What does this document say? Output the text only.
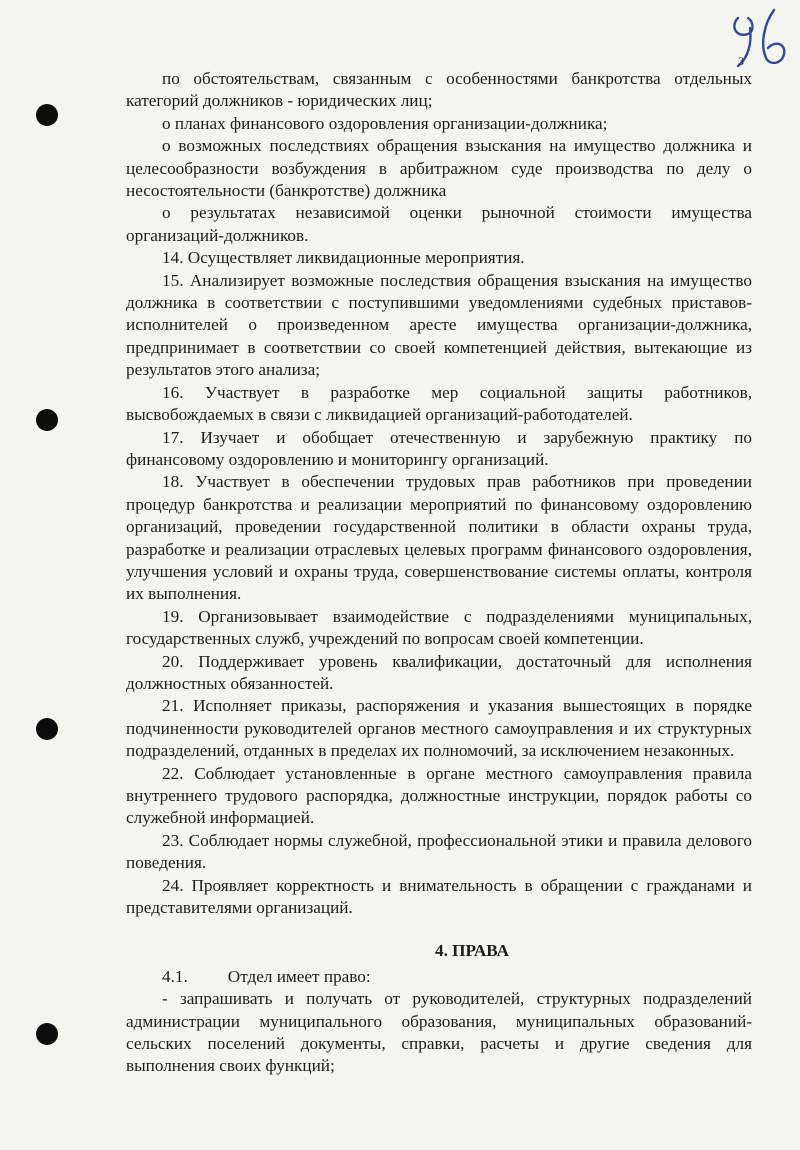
3

по обстоятельствам, связанным с особенностями банкротства отдельных категорий должников - юридических лиц;

о планах финансового оздоровления организации-должника;

о возможных последствиях обращения взыскания на имущество должника и целесообразности возбуждения в арбитражном суде производства по делу о несостоятельности (банкротстве) должника

о результатах независимой оценки рыночной стоимости имущества организаций-должников.

14. Осуществляет ликвидационные мероприятия.

15. Анализирует возможные последствия обращения взыскания на имущество должника в соответствии с поступившими уведомлениями судебных приставов-исполнителей о произведенном аресте имущества организации-должника, предпринимает в соответствии со своей компетенцией действия, вытекающие из результатов этого анализа;

16. Участвует в разработке мер социальной защиты работников, высвобождаемых в связи с ликвидацией организаций-работодателей.

17. Изучает и обобщает отечественную и зарубежную практику по финансовому оздоровлению и мониторингу организаций.

18. Участвует в обеспечении трудовых прав работников при проведении процедур банкротства и реализации мероприятий по финансовому оздоровлению организаций, проведении государственной политики в области охраны труда, разработке и реализации отраслевых целевых программ финансового оздоровления, улучшения условий и охраны труда, совершенствование системы оплаты, контроля их выполнения.

19. Организовывает взаимодействие с подразделениями муниципальных, государственных служб, учреждений по вопросам своей компетенции.

20. Поддерживает уровень квалификации, достаточный для исполнения должностных обязанностей.

21. Исполняет приказы, распоряжения и указания вышестоящих в порядке подчиненности руководителей органов местного самоуправления и их структурных подразделений, отданных в пределах их полномочий, за исключением незаконных.

22. Соблюдает установленные в органе местного самоуправления правила внутреннего трудового распорядка, должностные инструкции, порядок работы со служебной информацией.

23. Соблюдает нормы служебной, профессиональной этики и правила делового поведения.

24. Проявляет корректность и внимательность в обращении с гражданами и представителями организаций.

4. ПРАВА

4.1. Отдел имеет право:

- запрашивать и получать от руководителей, структурных подразделений администрации муниципального образования, муниципальных образований-сельских поселений документы, справки, расчеты и другие сведения для выполнения своих функций;
